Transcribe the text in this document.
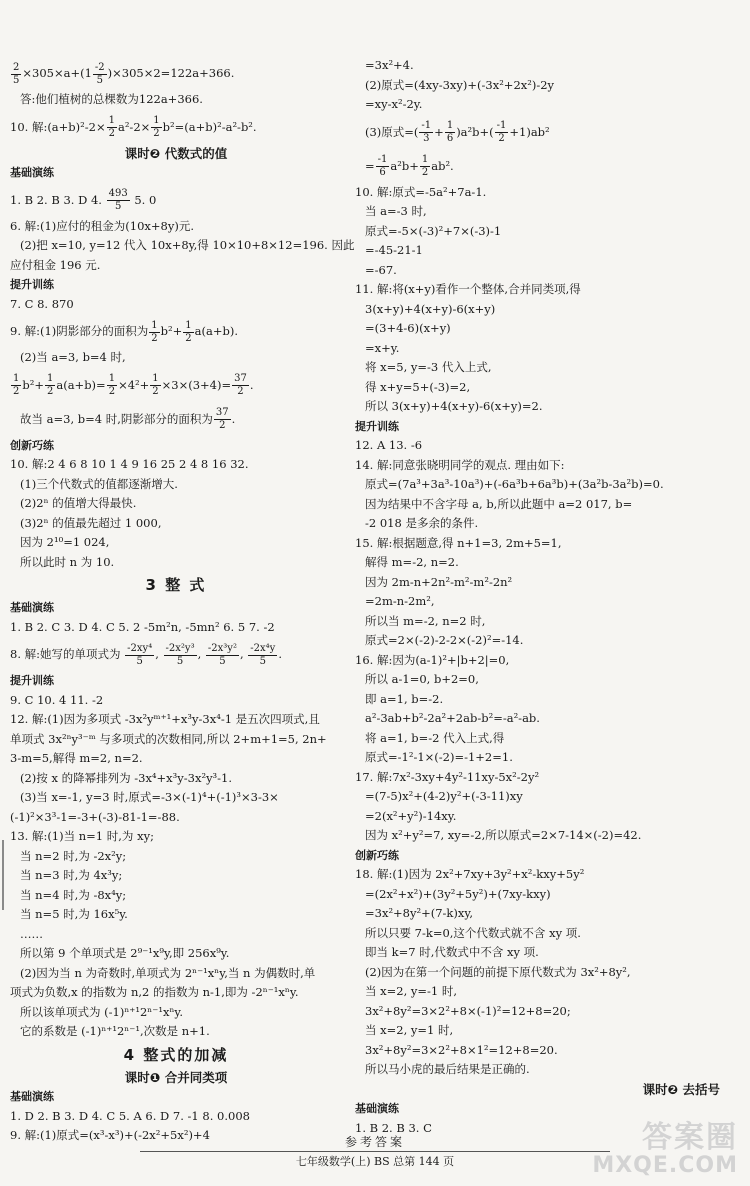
$\frac{2}{5} \times 305\times a+(1 \frac{-2}{5} )\times 305\times 2=122a+366$.
答:他们植树的总棵数为122a+366.
10. 解:(a+b)²-2× $\frac{1}{2} a^2-2\times \frac{1}{2} b^2=(a+b)^2-a^2-b^2$.
课时❷ 代数式的值
基础演练
1. B 2. B 3. D 4. $\frac{493}{5} 5$. 0
6. 解:(1)应付的租金为(10x+8y)元.
(2)把 x=10, y=12 代入 10x+8y,得 10×10+8×12=196. 因此
应付租金 196 元.
提升训练
7. C 8. 870
9. 解:(1)阴影部分的面积为 $\frac{1}{2} b^2+ \frac{1}{2} a(a+b)$.
(2)当 a=3, b=4 时,
$\frac{1}{2} b^2+ \frac{1}{2} a(a+b)= \frac{1}{2} \times 4^2+ \frac{1}{2} \times 3\times(3+4)= \frac{37}{2}$ .
故当 a=3, b=4 时,阴影部分的面积为 $\frac{37}{2}$ .
创新巧练
10. 解:2 4 6 8 10 1 4 9 16 25 2 4 8 16 32.
(1)三个代数式的值都逐渐增大.
(2)2ⁿ 的值增大得最快.
(3)2ⁿ 的值最先超过 1 000,
因为 2¹⁰=1 024,
所以此时 n 为 10.
3 整 式
基础演练
1. B 2. C 3. D 4. C 5. 2 -5m²n, -5mn² 6. 5 7. -2
8. 解:她写的单项式为 $\frac{\text{-2xy⁴}}{5}$ , $\frac{\text{-2x²y³}}{5}$ , $\frac{\text{-2x³y²}}{5}$ , $\frac{\text{-2x⁴y}}{5}$ .
提升训练
9. C 10. 4 11. -2
12. 解:(1)因为多项式 -3x²yᵐ⁺¹+x³y-3x⁴-1 是五次四项式,且
单项式 3x²ⁿy³⁻ᵐ 与多项式的次数相同,所以 2+m+1=5, 2n+
3-m=5,解得 m=2, n=2.
(2)按 x 的降幂排列为 -3x⁴+x³y-3x²y³-1.
(3)当 x=-1, y=3 时,原式=-3×(-1)⁴+(-1)³×3-3×
(-1)²×3³-1=-3+(-3)-81-1=-88.
13. 解:(1)当 n=1 时,为 xy;
当 n=2 时,为 -2x²y;
当 n=3 时,为 4x³y;
当 n=4 时,为 -8x⁴y;
当 n=5 时,为 16x⁵y.
……
所以第 9 个单项式是 2⁹⁻¹x⁹y,即 256x⁹y.
(2)因为当 n 为奇数时,单项式为 2ⁿ⁻¹xⁿy,当 n 为偶数时,单
项式为负数,x 的指数为 n,2 的指数为 n-1,即为 -2ⁿ⁻¹xⁿy.
所以该单项式为 (-1)ⁿ⁺¹2ⁿ⁻¹xⁿy.
它的系数是 (-1)ⁿ⁺¹2ⁿ⁻¹,次数是 n+1.
4 整式的加减
课时❶ 合并同类项
基础演练
1. D 2. B 3. D 4. C 5. A 6. D 7. -1 8. 0.008
9. 解:(1)原式=(x³-x³)+(-2x²+5x²)+4
=3x²+4.
(2)原式=(4xy-3xy)+(-3x²+2x²)-2y
=xy-x²-2y.
(3)原式=( $\frac{-1}{3} + \frac{1}{6} )a^2b+( \frac{-1}{2} +1)ab^2$
= $\frac{-1}{6} a^2b+ \frac{1}{2} ab^2$.
10. 解:原式=-5a²+7a-1.
当 a=-3 时,
原式=-5×(-3)²+7×(-3)-1
=-45-21-1
=-67.
11. 解:将(x+y)看作一个整体,合并同类项,得
3(x+y)+4(x+y)-6(x+y)
=(3+4-6)(x+y)
=x+y.
将 x=5, y=-3 代入上式,
得 x+y=5+(-3)=2,
所以 3(x+y)+4(x+y)-6(x+y)=2.
提升训练
12. A 13. -6
14. 解:同意张晓明同学的观点. 理由如下:
原式=(7a³+3a³-10a³)+(-6a³b+6a³b)+(3a²b-3a²b)=0.
因为结果中不含字母 a, b,所以此题中 a=2 017, b=
-2 018 是多余的条件.
15. 解:根据题意,得 n+1=3, 2m+5=1,
解得 m=-2, n=2.
因为 2m-n+2n²-m²-m²-2n²
=2m-n-2m²,
所以当 m=-2, n=2 时,
原式=2×(-2)-2-2×(-2)²=-14.
16. 解:因为(a-1)²+|b+2|=0,
所以 a-1=0, b+2=0,
即 a=1, b=-2.
a²-3ab+b²-2a²+2ab-b²=-a²-ab.
将 a=1, b=-2 代入上式,得
原式=-1²-1×(-2)=-1+2=1.
17. 解:7x²-3xy+4y²-11xy-5x²-2y²
=(7-5)x²+(4-2)y²+(-3-11)xy
=2(x²+y²)-14xy.
因为 x²+y²=7, xy=-2,所以原式=2×7-14×(-2)=42.
创新巧练
18. 解:(1)因为 2x²+7xy+3y²+x²-kxy+5y²
=(2x²+x²)+(3y²+5y²)+(7xy-kxy)
=3x²+8y²+(7-k)xy,
所以只要 7-k=0,这个代数式就不含 xy 项.
即当 k=7 时,代数式中不含 xy 项.
(2)因为在第一个问题的前提下原代数式为 3x²+8y²,
当 x=2, y=-1 时,
3x²+8y²=3×2²+8×(-1)²=12+8=20;
当 x=2, y=1 时,
3x²+8y²=3×2²+8×1²=12+8=20.
所以马小虎的最后结果是正确的.
课时❷ 去括号
基础演练
1. B 2. B 3. C
参考答案
七年级数学(上) BS 总第 144 页
答案圈
MXQE.COM
